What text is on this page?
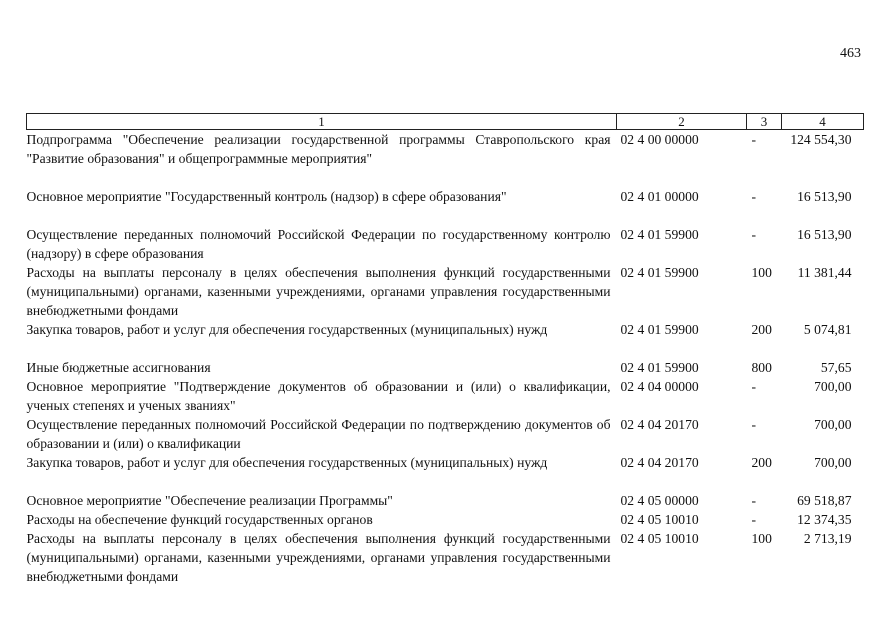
463
1	2	3	4
Подпрограмма "Обеспечение реализации государственной программы Ставропольского края "Развитие образования" и общепрограммные мероприятия"	02 4 00 00000	-	124 554,30
Основное мероприятие "Государственный контроль (надзор) в сфере образования"	02 4 01 00000	-	16 513,90
Осуществление переданных полномочий Российской Федерации по государственному контролю (надзору) в сфере образования	02 4 01 59900	-	16 513,90
Расходы на выплаты персоналу в целях обеспечения выполнения функций государственными (муниципальными) органами, казенными учреждениями, органами управления государственными внебюджетными фондами	02 4 01 59900	100	11 381,44
Закупка товаров, работ и услуг для обеспечения государственных (муниципальных) нужд	02 4 01 59900	200	5 074,81
Иные бюджетные ассигнования	02 4 01 59900	800	57,65
Основное мероприятие "Подтверждение документов об образовании и (или) о квалификации, ученых степенях и ученых званиях"	02 4 04 00000	-	700,00
Осуществление переданных полномочий Российской Федерации по подтверждению документов об образовании и (или) о квалификации	02 4 04 20170	-	700,00
Закупка товаров, работ и услуг для обеспечения государственных (муниципальных) нужд	02 4 04 20170	200	700,00
Основное мероприятие "Обеспечение реализации Программы"	02 4 05 00000	-	69 518,87
Расходы на обеспечение функций государственных органов	02 4 05 10010	-	12 374,35
Расходы на выплаты персоналу в целях обеспечения выполнения функций государственными (муниципальными) органами, казенными учреждениями, органами управления государственными внебюджетными фондами	02 4 05 10010	100	2 713,19
